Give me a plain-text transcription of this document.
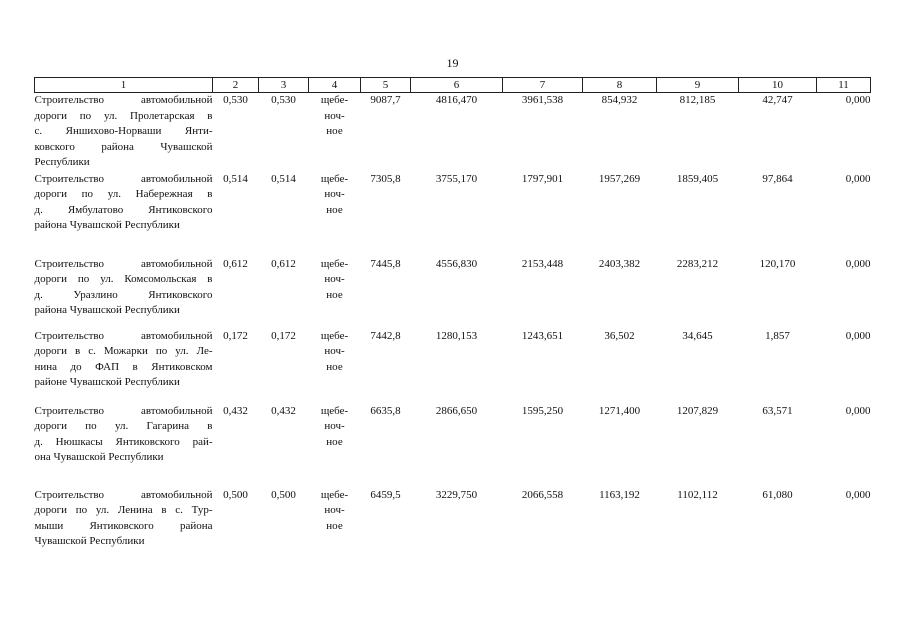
19
1	2	3	4	5	6	7	8	9	10	11

Строительство автомобильной
дороги по ул. Пролетарская в
с. Яншихово-Норваши Янти-
ковского района Чувашской
Республики	0,530	0,530	щебе-
ноч-
ное	9087,7	4816,470	3961,538	854,932	812,185	42,747	0,000

Строительство автомобильной
дороги по ул. Набережная в
д. Ямбулатово Янтиковского
района Чувашской Республики	0,514	0,514	щебе-
ноч-
ное	7305,8	3755,170	1797,901	1957,269	1859,405	97,864	0,000

Строительство автомобильной
дороги по ул. Комсомольская в
д. Уразлино Янтиковского
района Чувашской Республики	0,612	0,612	щебе-
ноч-
ное	7445,8	4556,830	2153,448	2403,382	2283,212	120,170	0,000

Строительство автомобильной
дороги в с. Можарки по ул. Ле-
нина до ФАП в Янтиковском
районе Чувашской Республики	0,172	0,172	щебе-
ноч-
ное	7442,8	1280,153	1243,651	36,502	34,645	1,857	0,000

Строительство автомобильной
дороги по ул. Гагарина в
д. Нюшкасы Янтиковского рай-
она Чувашской Республики	0,432	0,432	щебе-
ноч-
ное	6635,8	2866,650	1595,250	1271,400	1207,829	63,571	0,000

Строительство автомобильной
дороги по ул. Ленина в с. Тур-
мыши Янтиковского района
Чувашской Республики	0,500	0,500	щебе-
ноч-
ное	6459,5	3229,750	2066,558	1163,192	1102,112	61,080	0,000
